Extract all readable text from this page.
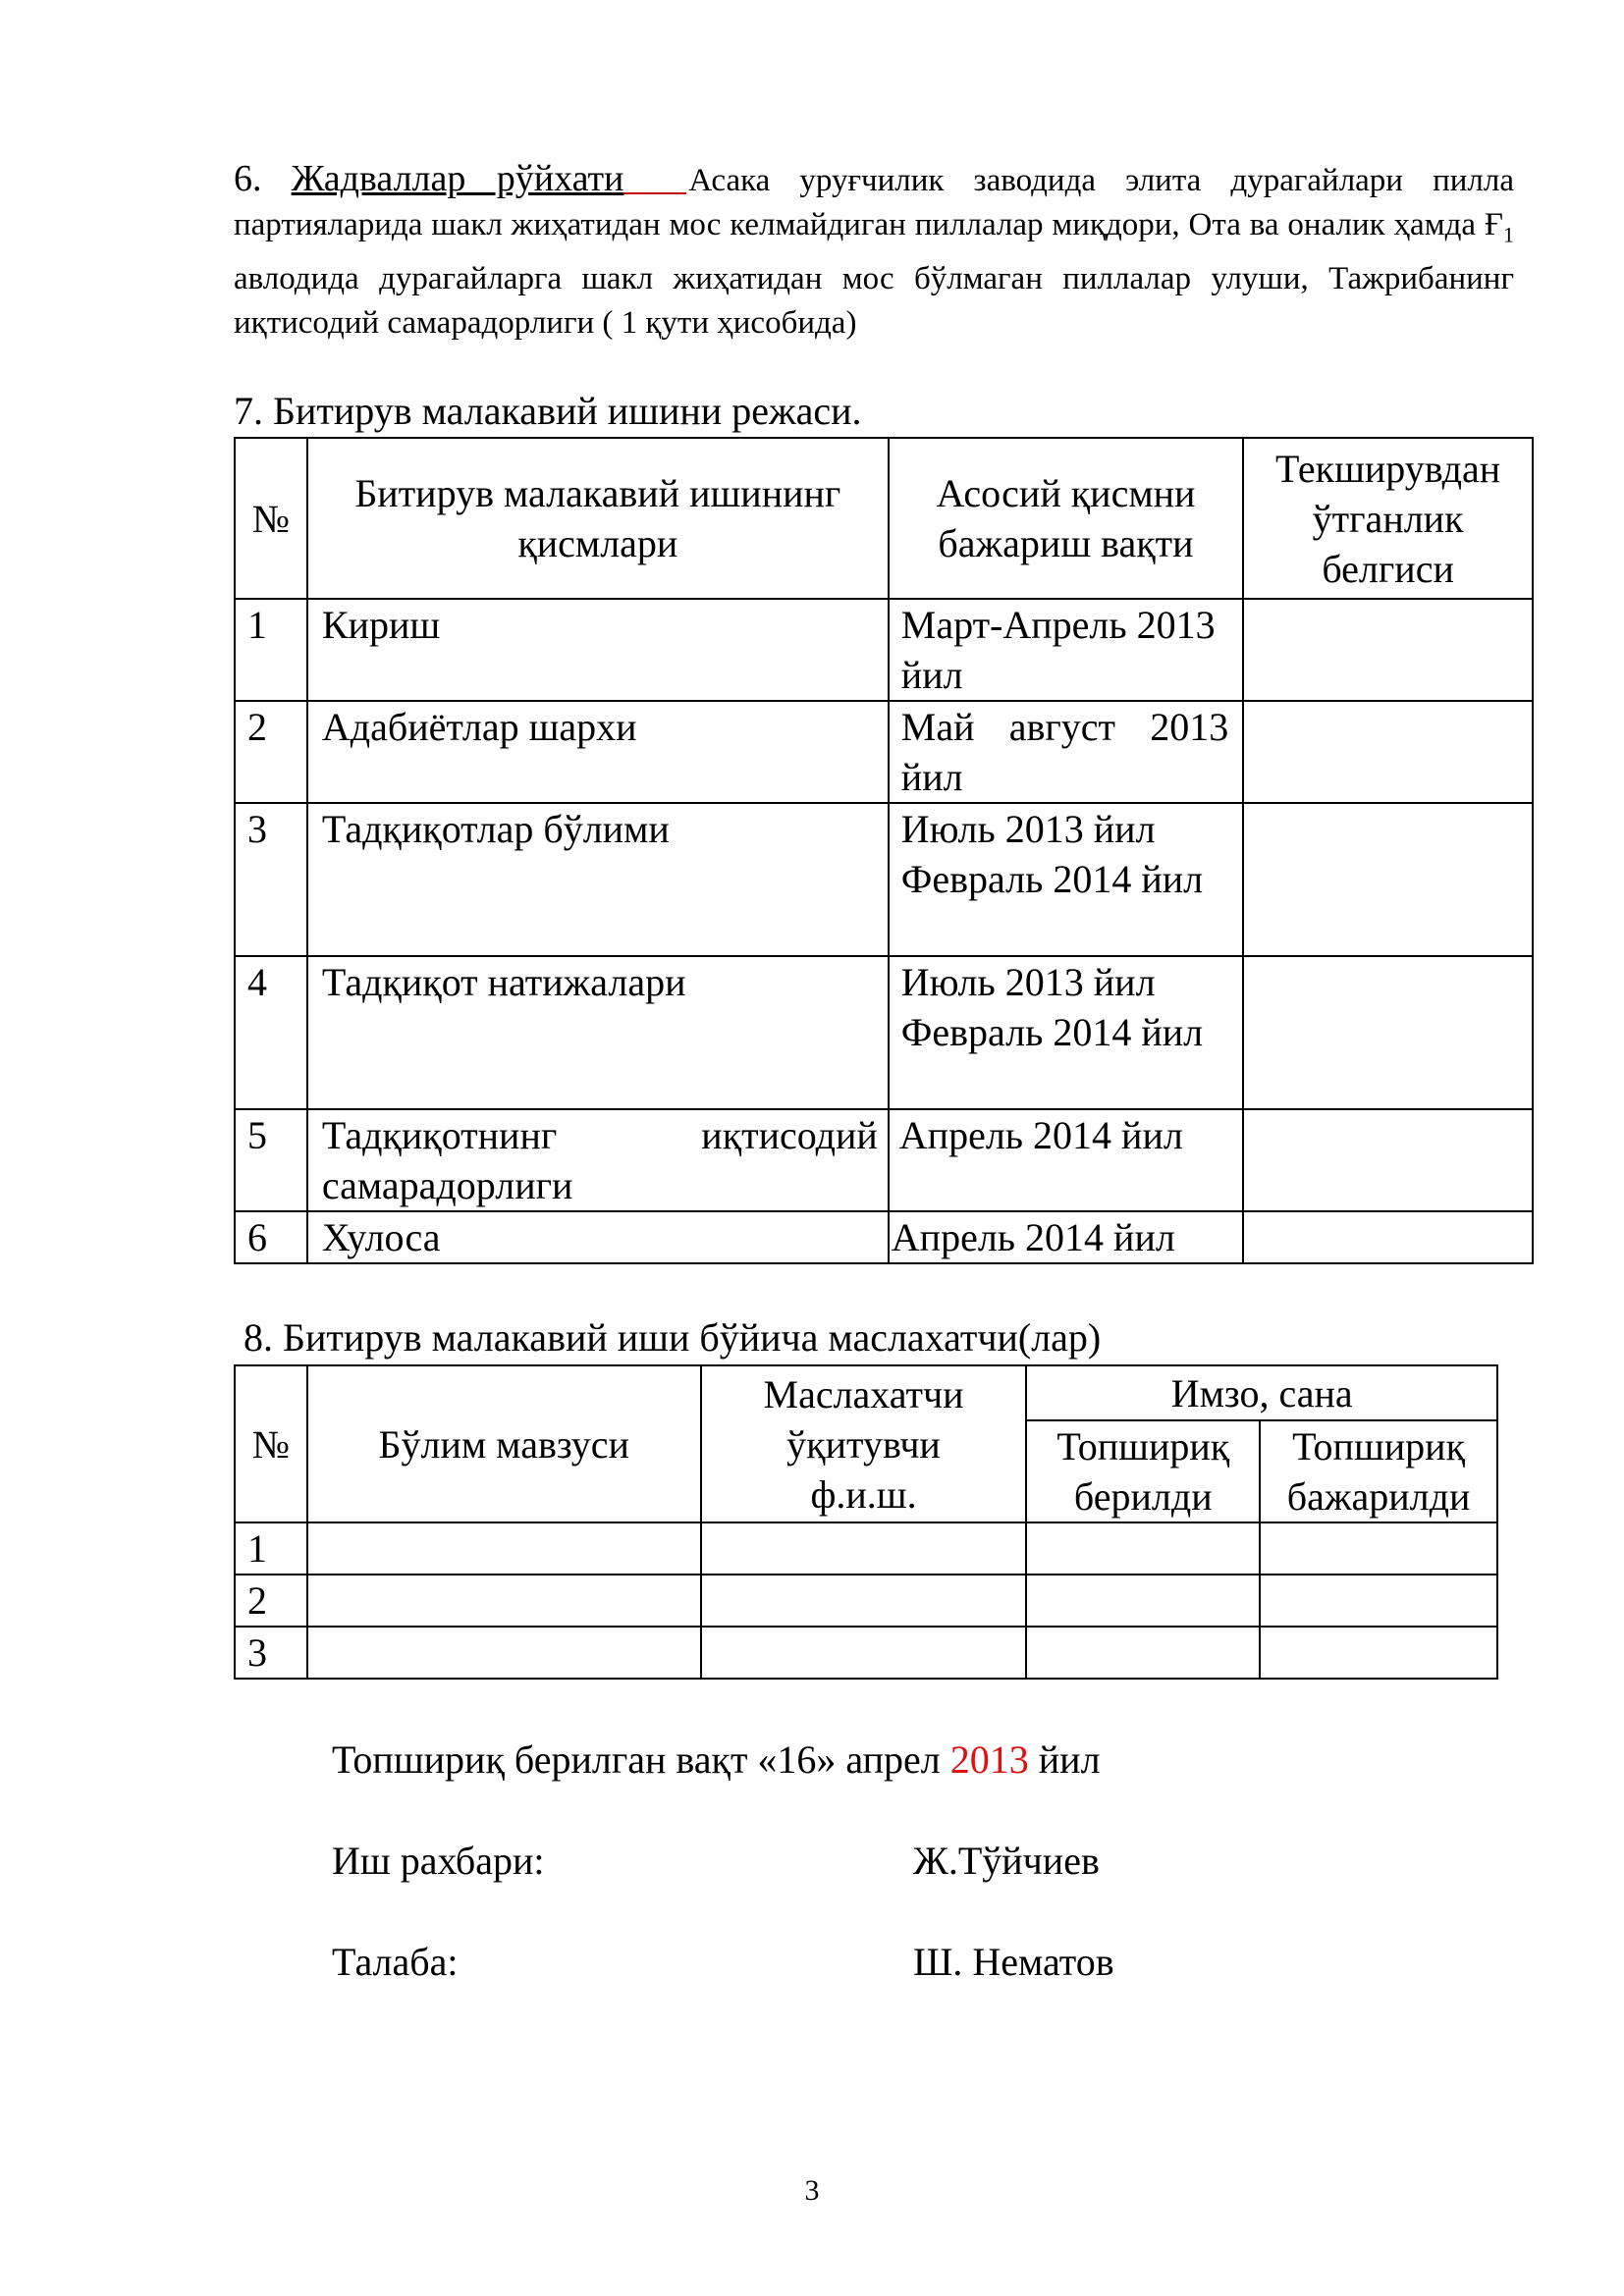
6. Жадваллар рўйхати Асака уруғчилик заводида элита дурагайлари пилла партияларида шакл жиҳатидан мос келмайдиган пиллалар миқдори, Ота ва оналик ҳамда $Ғ_1$ авлодида дурагайларга шакл жиҳатидан мос бўлмаган пиллалар улуши, Тажрибанинг иқтисодий самарадорлиги ( 1 қути ҳисобида)
7. Битирув малакавий ишини режаси.
№	Битирув малакавий ишининг қисмлари	Асосий қисмни бажариш вақти	Текширувдан ўтганлик белгиси
1	Кириш	Март-Апрель 2013 йил	
2	Адабиётлар шархи	Май август 2013 йил	
3	Тадқиқотлар бўлими	Июль 2013 йил
Февраль 2014 йил	

4	Тадқиқот натижалари	Июль 2013 йил
Февраль 2014 йил	

5	Тадқиқотнинг иқтисодий самарадорлиги	Апрель 2014 йил	
6	Хулоса	Апрель 2014 йил	
8. Битирув малакавий иши бўйича маслахатчи(лар)
№	Бўлим мавзуси	Маслахатчи ўқитувчи ф.и.ш.	Имзо, сана	
			Топшириқ берилди	Топшириқ бажарилди
1				
2				
3				
Топшириқ берилган вақт «16» апрел 2013 йил
Иш рахбари:	Ж.Тўйчиев
Талаба:	Ш. Нематов
3
